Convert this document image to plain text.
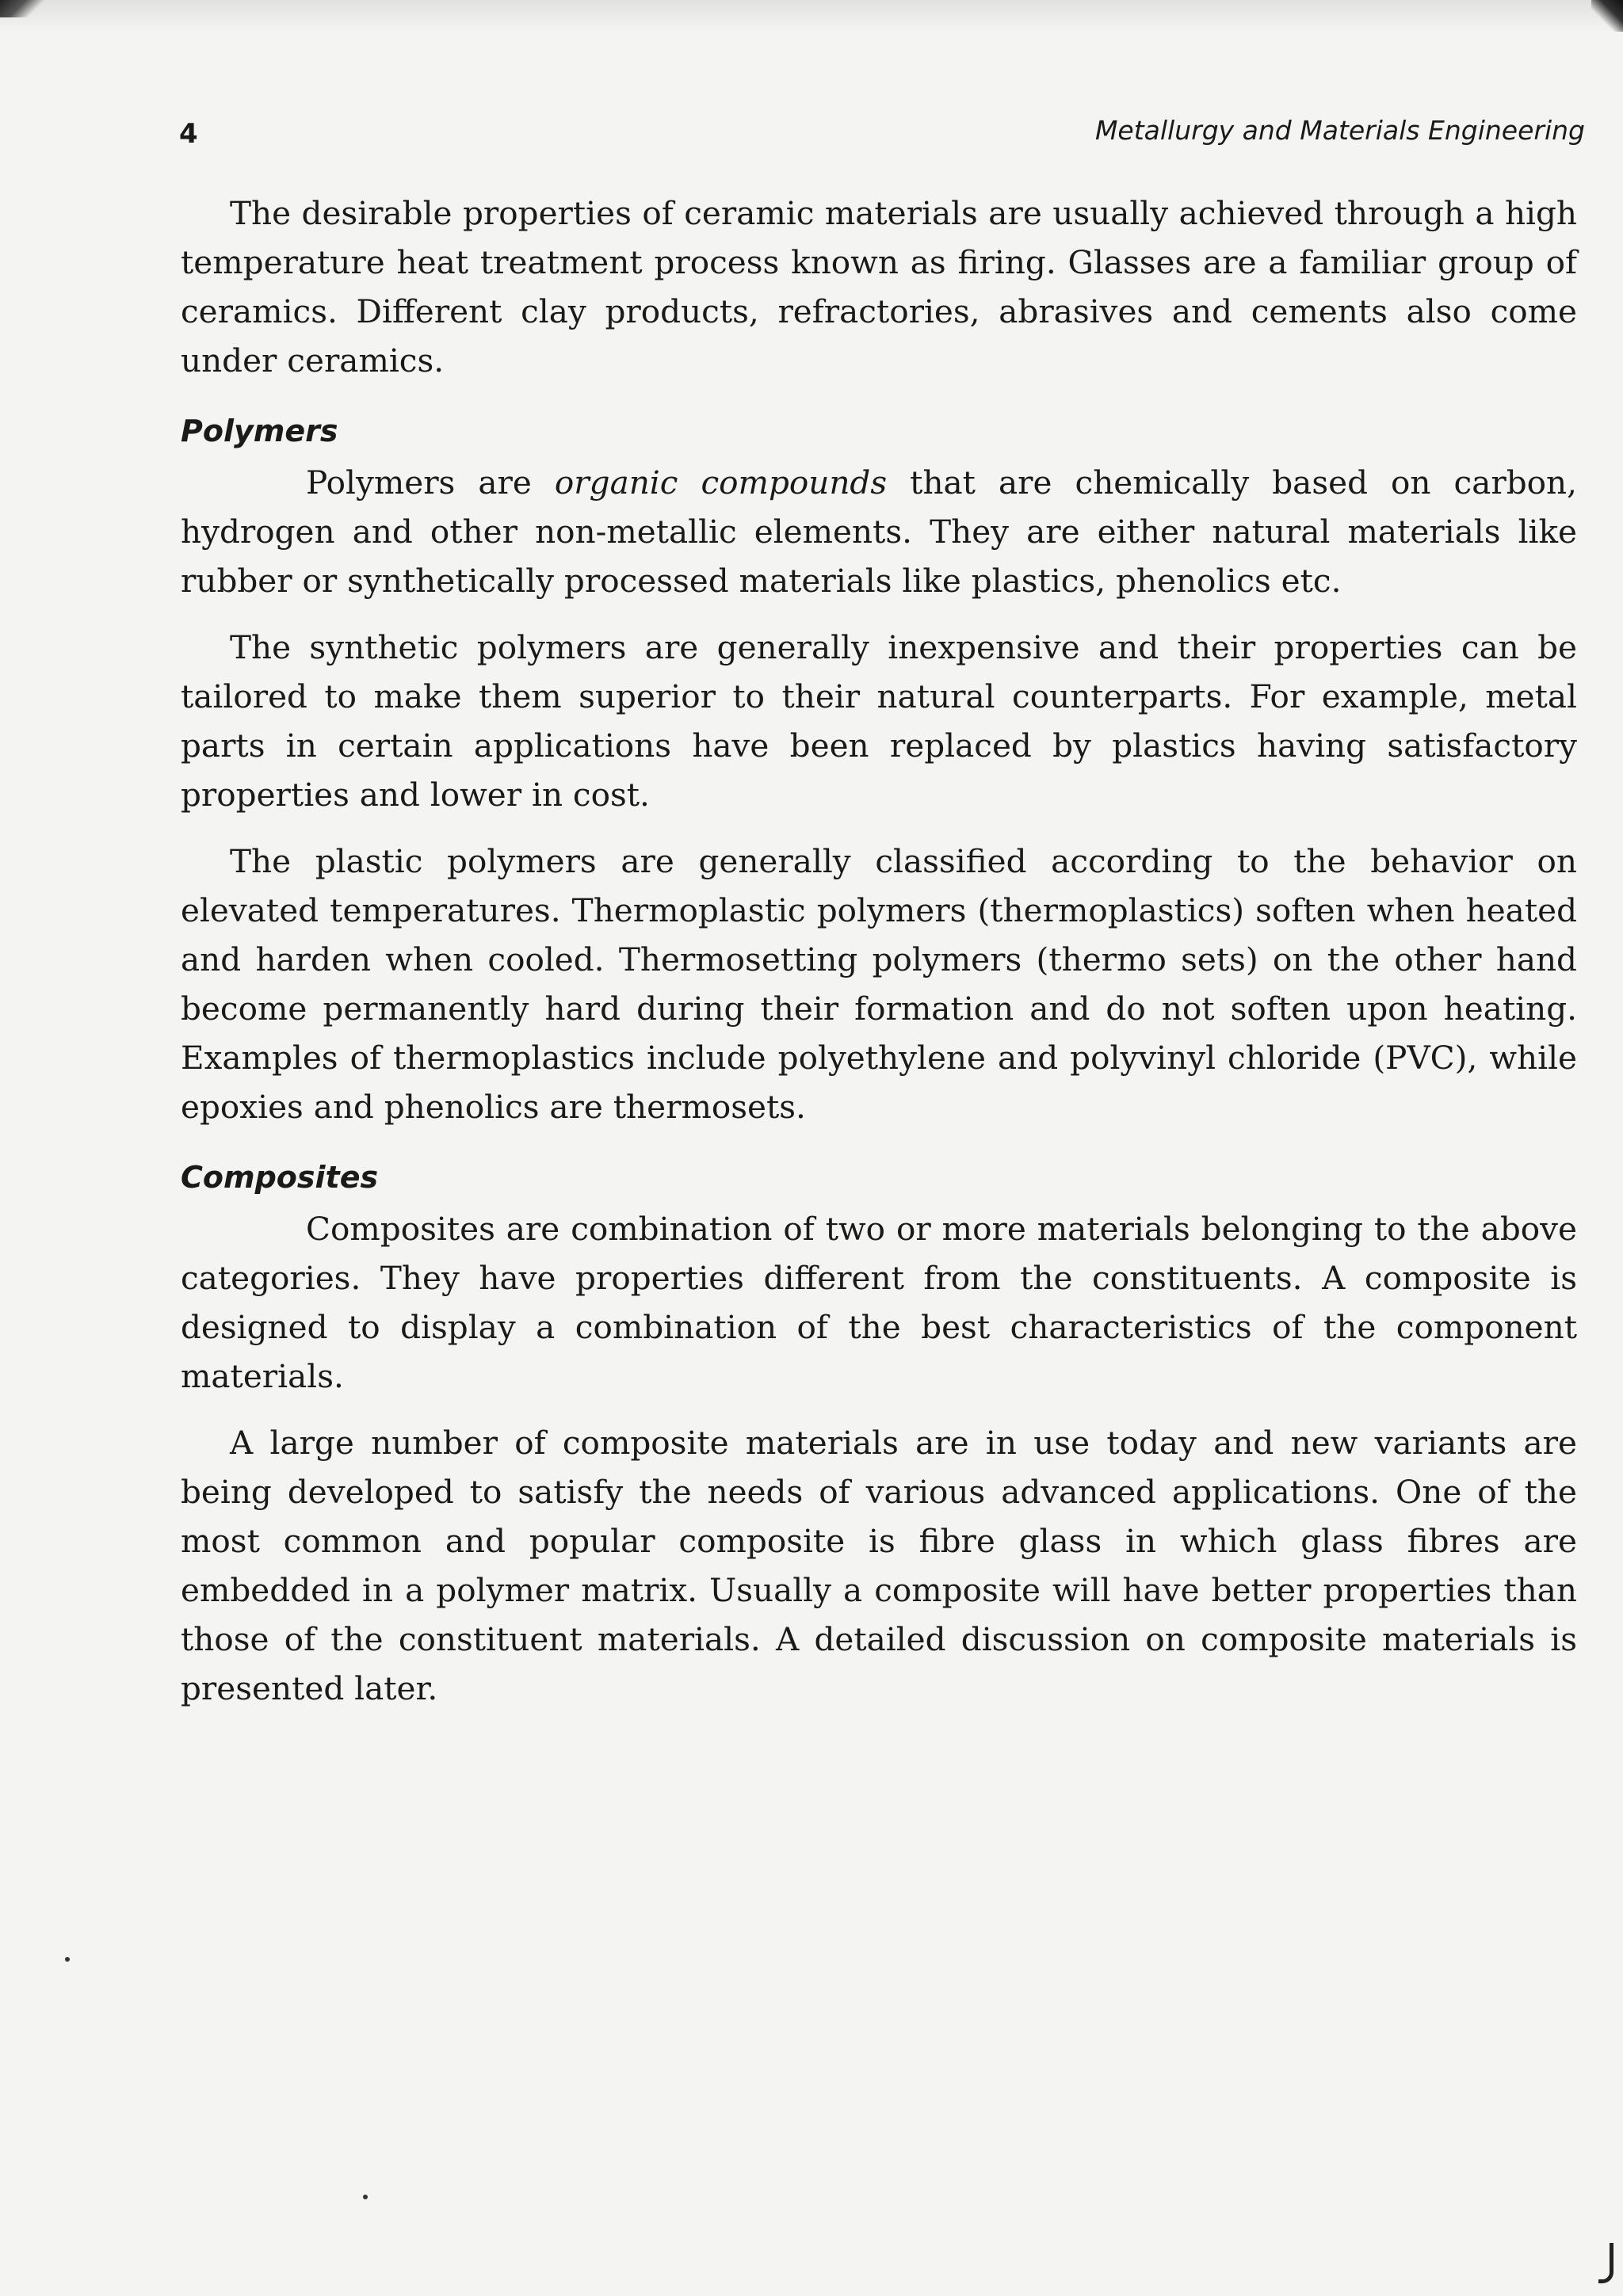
4	Metallurgy and Materials Engineering

The desirable properties of ceramic materials are usually achieved through a high temperature heat treatment process known as firing. Glasses are a familiar group of ceramics. Different clay products, refractories, abrasives and cements also come under ceramics.

Polymers

Polymers are organic compounds that are chemically based on carbon, hydrogen and other non-metallic elements. They are either natural materials like rubber or synthetically processed materials like plastics, phenolics etc.

The synthetic polymers are generally inexpensive and their properties can be tailored to make them superior to their natural counterparts. For example, metal parts in certain applications have been replaced by plastics having satisfactory properties and lower in cost.

The plastic polymers are generally classified according to the behavior on elevated temperatures. Thermoplastic polymers (thermoplastics) soften when heated and harden when cooled. Thermosetting polymers (thermo sets) on the other hand become permanently hard during their formation and do not soften upon heating. Examples of thermoplastics include polyethylene and polyvinyl chloride (PVC), while epoxies and phenolics are thermosets.

Composites

Composites are combination of two or more materials belonging to the above categories. They have properties different from the constituents. A composite is designed to display a combination of the best characteristics of the component materials.

A large number of composite materials are in use today and new variants are being developed to satisfy the needs of various advanced applications. One of the most common and popular composite is fibre glass in which glass fibres are embedded in a polymer matrix. Usually a composite will have better properties than those of the constituent materials. A detailed discussion on composite materials is presented later.
